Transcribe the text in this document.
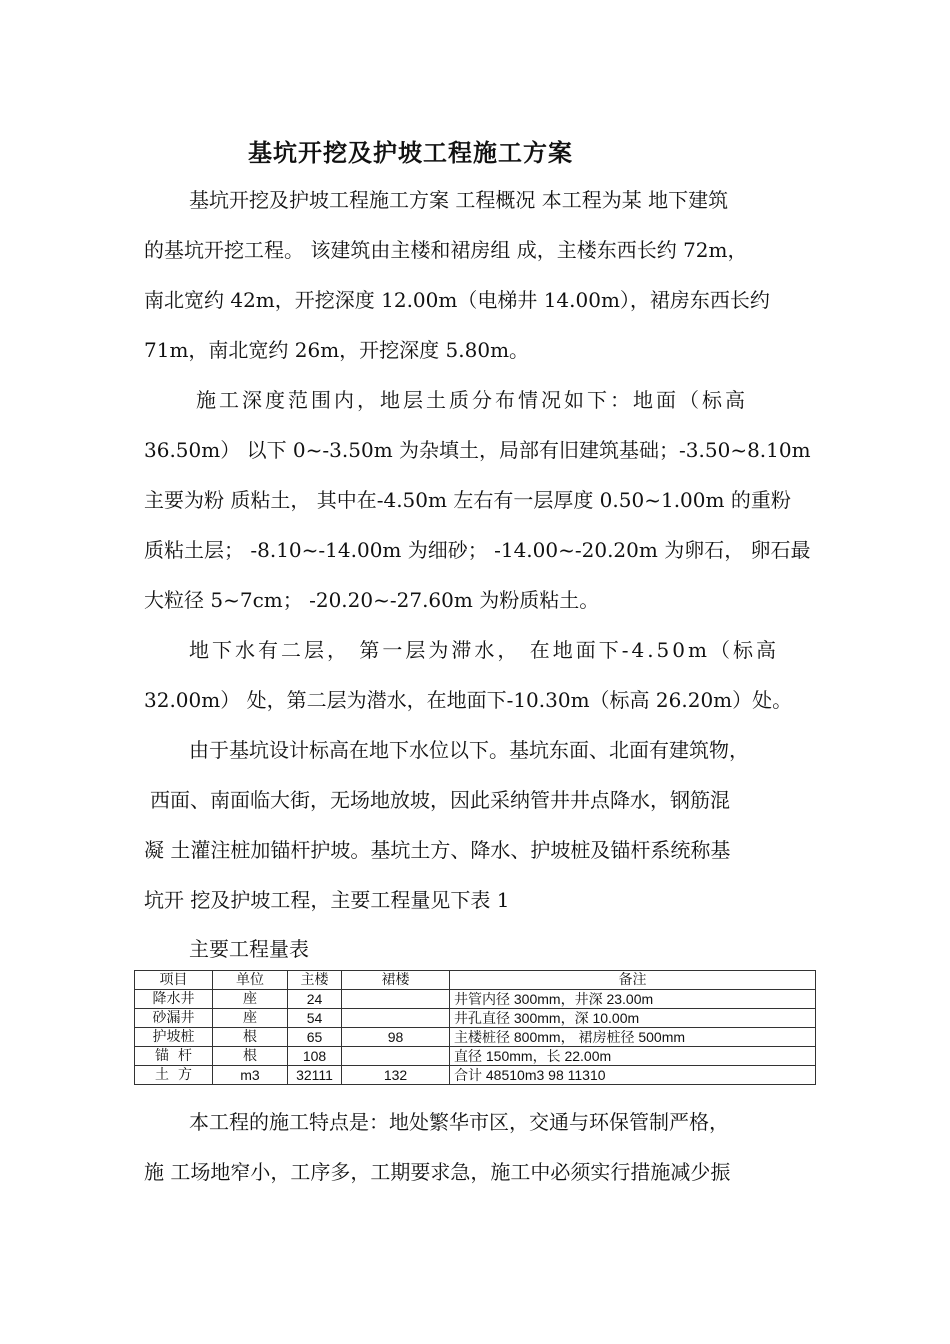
基坑开挖及护坡工程施工方案

基坑开挖及护坡工程施工方案 工程概况 本工程为某 地下建筑

的基坑开挖工程。 该建筑由主楼和裙房组 成，主楼东西长约 72m，

南北宽约 42m，开挖深度 12.00m（电梯井 14.00m），裙房东西长约

71m，南北宽约 26m，开挖深度 5.80m。

施工深度范围内，地层土质分布情况如下：地面（标高

36.50m） 以下 0~-3.50m 为杂填土，局部有旧建筑基础；-3.50~8.10m

主要为粉 质粘土， 其中在-4.50m 左右有一层厚度 0.50~1.00m 的重粉

质粘土层； -8.10~-14.00m 为细砂； -14.00~-20.20m 为卵石， 卵石最

大粒径 5~7cm； -20.20~-27.60m 为粉质粘土。

地下水有二层， 第一层为滞水， 在地面下-4.50m（标高

32.00m） 处，第二层为潜水，在地面下-10.30m（标高 26.20m）处。

由于基坑设计标高在地下水位以下。基坑东面、北面有建筑物，

西面、南面临大街，无场地放坡，因此采纳管井井点降水，钢筋混

凝 土灌注桩加锚杆护坡。基坑土方、降水、护坡桩及锚杆系统称基

坑开 挖及护坡工程，主要工程量见下表 1

主要工程量表

项目	单位	主楼	裙楼	备注
降水井	座	24		井管内径 300mm，井深 23.00m
砂漏井	座	54		井孔直径 300mm，深 10.00m
护坡桩	根	65	98	主楼桩径 800mm， 裙房桩径 500mm
锚  杆	根	108		直径 150mm，长 22.00m
土  方	m3	32111	132	合计 48510m3 98 11310

本工程的施工特点是：地处繁华市区，交通与环保管制严格，

施 工场地窄小，工序多，工期要求急，施工中必须实行措施减少振
